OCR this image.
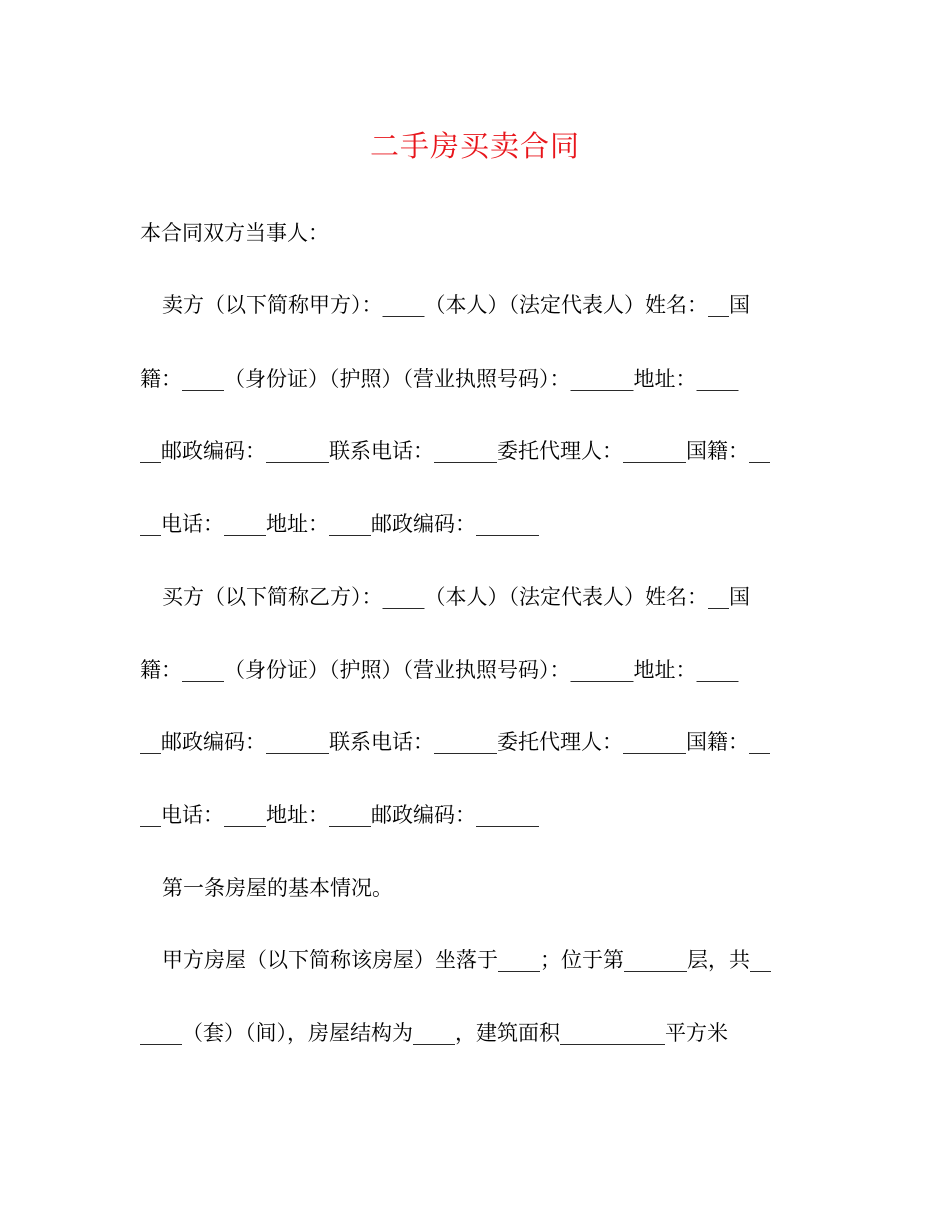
二手房买卖合同
本合同双方当事人：
卖方（以下简称甲方）：____（本人）（法定代表人）姓名：__国
籍：____（身份证）（护照）（营业执照号码）：______地址：____
__邮政编码：______联系电话：______委托代理人：______国籍：__
__电话：____地址：____邮政编码：______
买方（以下简称乙方）：____（本人）（法定代表人）姓名：__国
籍：____（身份证）（护照）（营业执照号码）：______地址：____
__邮政编码：______联系电话：______委托代理人：______国籍：__
__电话：____地址：____邮政编码：______
第一条房屋的基本情况。
甲方房屋（以下简称该房屋）坐落于____；位于第______层，共__
____（套）（间），房屋结构为____，建筑面积__________平方米
